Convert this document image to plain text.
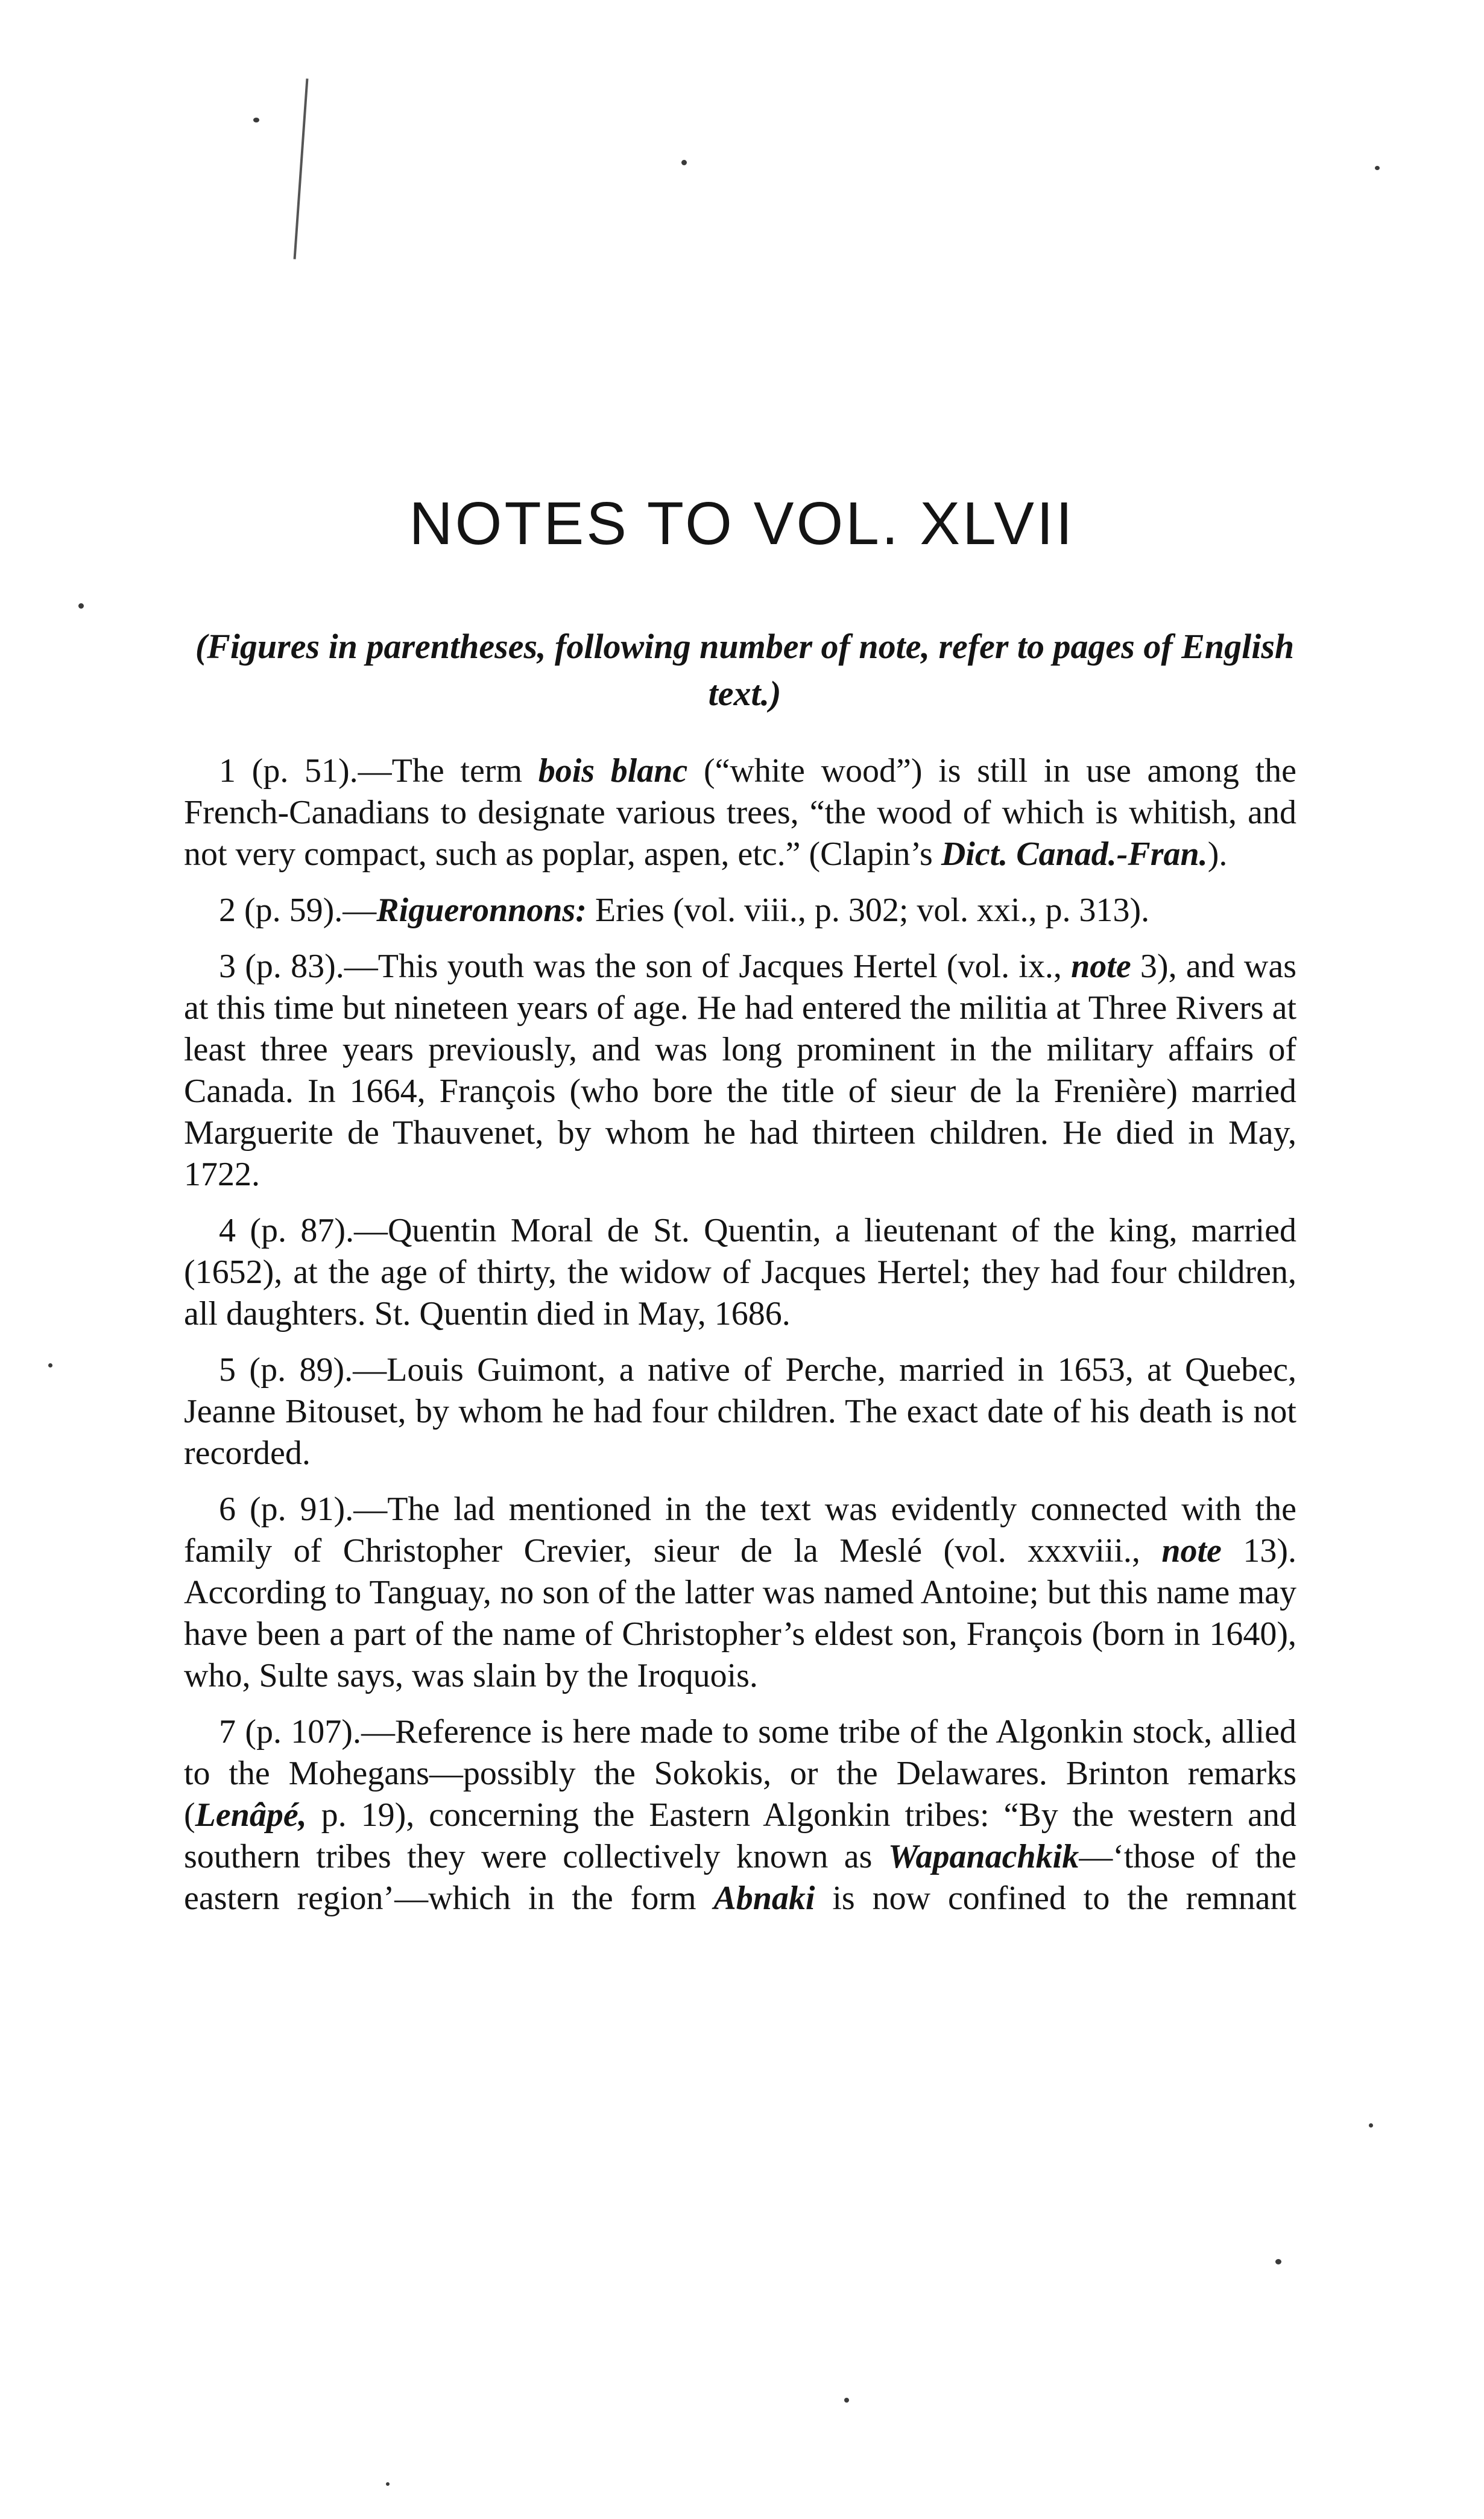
NOTES TO VOL. XLVII

(Figures in parentheses, following number of note, refer to pages of English text.)

1 (p. 51).—The term bois blanc (“white wood”) is still in use among the French-Canadians to designate various trees, “the wood of which is whitish, and not very compact, such as poplar, aspen, etc.” (Clapin’s Dict. Canad.-Fran.).

2 (p. 59).—Rigueronnons: Eries (vol. viii., p. 302; vol. xxi., p. 313).

3 (p. 83).—This youth was the son of Jacques Hertel (vol. ix., note 3), and was at this time but nineteen years of age. He had entered the militia at Three Rivers at least three years previously, and was long prominent in the military affairs of Canada. In 1664, François (who bore the title of sieur de la Frenière) married Marguerite de Thauvenet, by whom he had thirteen children. He died in May, 1722.

4 (p. 87).—Quentin Moral de St. Quentin, a lieutenant of the king, married (1652), at the age of thirty, the widow of Jacques Hertel; they had four children, all daughters. St. Quentin died in May, 1686.

5 (p. 89).—Louis Guimont, a native of Perche, married in 1653, at Quebec, Jeanne Bitouset, by whom he had four children. The exact date of his death is not recorded.

6 (p. 91).—The lad mentioned in the text was evidently connected with the family of Christopher Crevier, sieur de la Meslé (vol. xxxviii., note 13). According to Tanguay, no son of the latter was named Antoine; but this name may have been a part of the name of Christopher’s eldest son, François (born in 1640), who, Sulte says, was slain by the Iroquois.

7 (p. 107).—Reference is here made to some tribe of the Algonkin stock, allied to the Mohegans—possibly the Sokokis, or the Delawares. Brinton remarks (Lenâpé, p. 19), concerning the Eastern Algonkin tribes: “By the western and southern tribes they were collectively known as Wapanachkik—‘those of the eastern region’—which in the form Abnaki is now confined to the remnant
